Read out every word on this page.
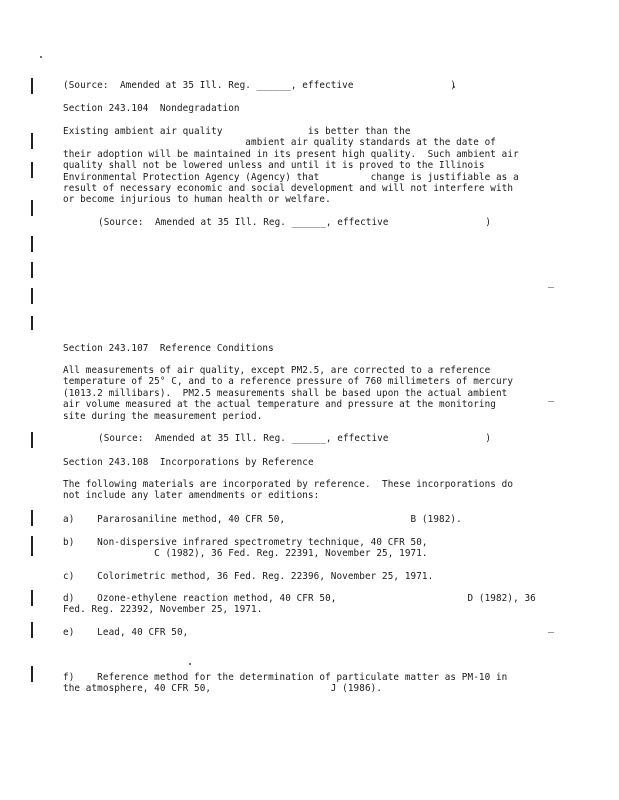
(Source:  Amended at 35 Ill. Reg. ______, effective                 )
Section 243.104  Nondegradation
Existing ambient air quality               is better than the
ambient air quality standards at the date of
their adoption will be maintained in its present high quality.  Such ambient air
quality shall not be lowered unless and until it is proved to the Illinois
Environmental Protection Agency (Agency) that         change is justifiable as a
result of necessary economic and social development and will not interfere with
or become injurious to human health or welfare.
(Source:  Amended at 35 Ill. Reg. ______, effective                 )
Section 243.107  Reference Conditions
All measurements of air quality, except PM2.5, are corrected to a reference
temperature of 25° C, and to a reference pressure of 760 millimeters of mercury
(1013.2 millibars).  PM2.5 measurements shall be based upon the actual ambient
air volume measured at the actual temperature and pressure at the monitoring
site during the measurement period.
(Source:  Amended at 35 Ill. Reg. ______, effective                 )
Section 243.108  Incorporations by Reference
The following materials are incorporated by reference.  These incorporations do
not include any later amendments or editions:
a)    Pararosaniline method, 40 CFR 50,                      B (1982).
b)    Non-dispersive infrared spectrometry technique, 40 CFR 50,
C (1982), 36 Fed. Reg. 22391, November 25, 1971.
c)    Colorimetric method, 36 Fed. Reg. 22396, November 25, 1971.
d)    Ozone-ethylene reaction method, 40 CFR 50,                       D (1982), 36
Fed. Reg. 22392, November 25, 1971.
e)    Lead, 40 CFR 50,
f)    Reference method for the determination of particulate matter as PM-10 in
the atmosphere, 40 CFR 50,                     J (1986).
